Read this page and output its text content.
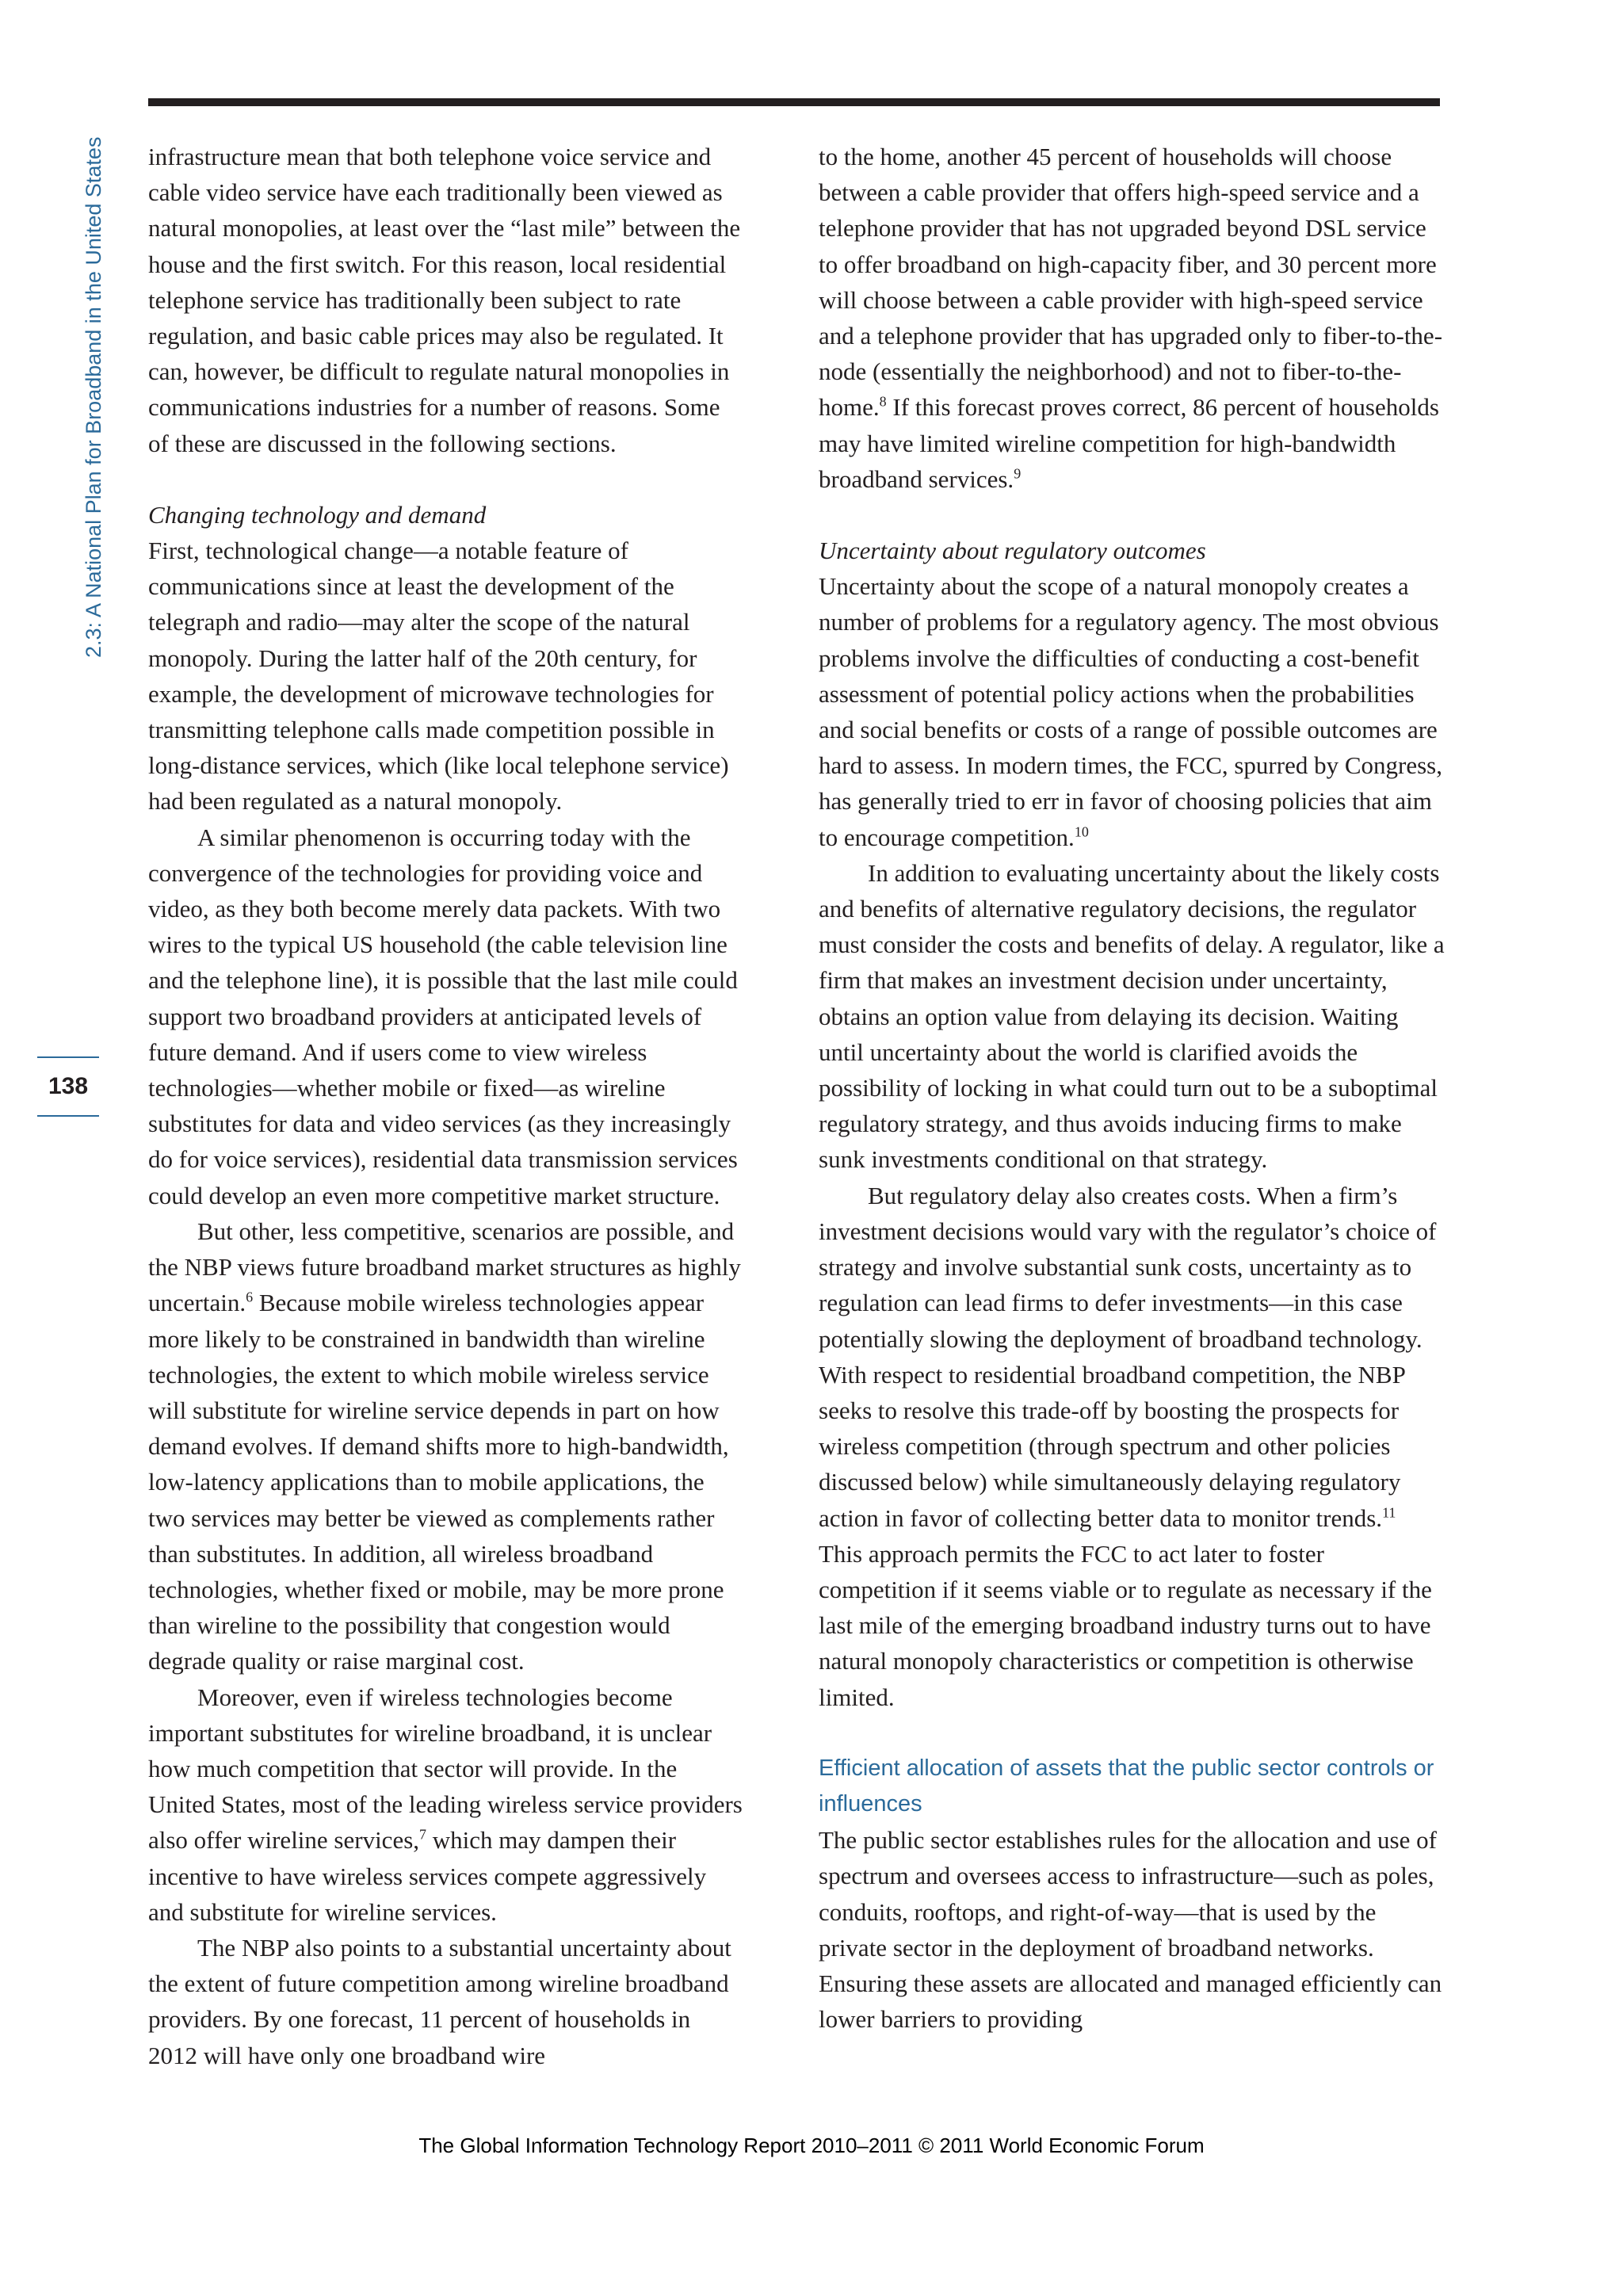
2.3: A National Plan for Broadband in the United States
138

infrastructure mean that both telephone voice service and cable video service have each traditionally been viewed as natural monopolies, at least over the “last mile” between the house and the first switch. For this reason, local residential telephone service has traditionally been subject to rate regulation, and basic cable prices may also be regulated. It can, however, be difficult to regulate natural monopolies in communications industries for a number of reasons. Some of these are discussed in the following sections.

Changing technology and demand

First, technological change—a notable feature of communications since at least the development of the telegraph and radio—may alter the scope of the natural monopoly. During the latter half of the 20th century, for example, the development of microwave technologies for transmitting telephone calls made competition possible in long-distance services, which (like local telephone service) had been regulated as a natural monopoly.

A similar phenomenon is occurring today with the convergence of the technologies for providing voice and video, as they both become merely data packets. With two wires to the typical US household (the cable television line and the telephone line), it is possible that the last mile could support two broadband providers at anticipated levels of future demand. And if users come to view wireless technologies—whether mobile or fixed—as wireline substitutes for data and video services (as they increasingly do for voice services), residential data transmission services could develop an even more competitive market structure.

But other, less competitive, scenarios are possible, and the NBP views future broadband market structures as highly uncertain.$^6$ Because mobile wireless technologies appear more likely to be constrained in bandwidth than wireline technologies, the extent to which mobile wireless service will substitute for wireline service depends in part on how demand evolves. If demand shifts more to high-bandwidth, low-latency applications than to mobile applications, the two services may better be viewed as complements rather than substitutes. In addition, all wireless broadband technologies, whether fixed or mobile, may be more prone than wireline to the possibility that congestion would degrade quality or raise marginal cost.

Moreover, even if wireless technologies become important substitutes for wireline broadband, it is unclear how much competition that sector will provide. In the United States, most of the leading wireless service providers also offer wireline services,$^7$ which may dampen their incentive to have wireless services compete aggressively and substitute for wireline services.

The NBP also points to a substantial uncertainty about the extent of future competition among wireline broadband providers. By one forecast, 11 percent of households in 2012 will have only one broadband wire

to the home, another 45 percent of households will choose between a cable provider that offers high-speed service and a telephone provider that has not upgraded beyond DSL service to offer broadband on high-capacity fiber, and 30 percent more will choose between a cable provider with high-speed service and a telephone provider that has upgraded only to fiber-to-the-node (essentially the neighborhood) and not to fiber-to-the-home.$^8$ If this forecast proves correct, 86 percent of households may have limited wireline competition for high-bandwidth broadband services.$^9$

Uncertainty about regulatory outcomes

Uncertainty about the scope of a natural monopoly creates a number of problems for a regulatory agency. The most obvious problems involve the difficulties of conducting a cost-benefit assessment of potential policy actions when the probabilities and social benefits or costs of a range of possible outcomes are hard to assess. In modern times, the FCC, spurred by Congress, has generally tried to err in favor of choosing policies that aim to encourage competition.$^{10}$

In addition to evaluating uncertainty about the likely costs and benefits of alternative regulatory decisions, the regulator must consider the costs and benefits of delay. A regulator, like a firm that makes an investment decision under uncertainty, obtains an option value from delaying its decision. Waiting until uncertainty about the world is clarified avoids the possibility of locking in what could turn out to be a suboptimal regulatory strategy, and thus avoids inducing firms to make sunk investments conditional on that strategy.

But regulatory delay also creates costs. When a firm’s investment decisions would vary with the regulator’s choice of strategy and involve substantial sunk costs, uncertainty as to regulation can lead firms to defer investments—in this case potentially slowing the deployment of broadband technology. With respect to residential broadband competition, the NBP seeks to resolve this trade-off by boosting the prospects for wireless competition (through spectrum and other policies discussed below) while simultaneously delaying regulatory action in favor of collecting better data to monitor trends.$^{11}$ This approach permits the FCC to act later to foster competition if it seems viable or to regulate as necessary if the last mile of the emerging broadband industry turns out to have natural monopoly characteristics or competition is otherwise limited.

Efficient allocation of assets that the public sector controls or influences

The public sector establishes rules for the allocation and use of spectrum and oversees access to infrastructure—such as poles, conduits, rooftops, and right-of-way—that is used by the private sector in the deployment of broadband networks. Ensuring these assets are allocated and managed efficiently can lower barriers to providing

The Global Information Technology Report 2010–2011 © 2011 World Economic Forum
